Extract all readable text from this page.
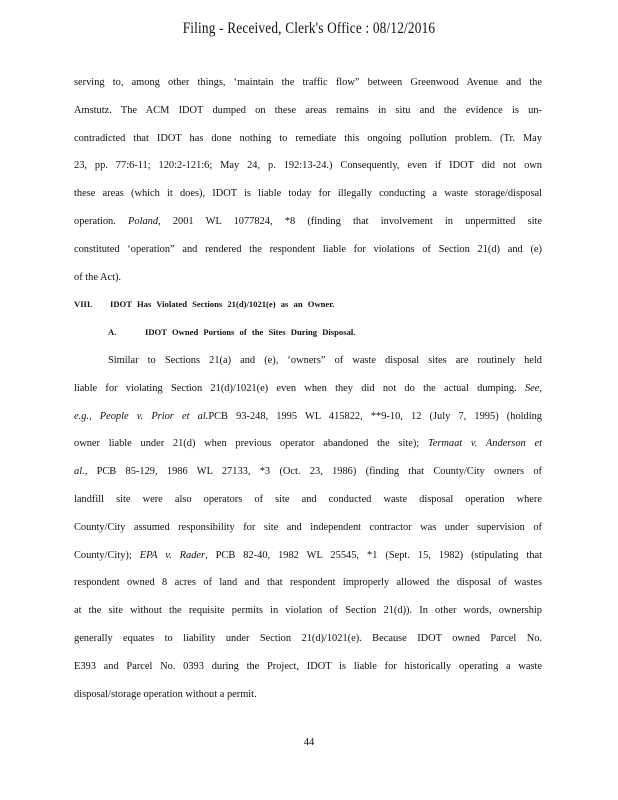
Filing - Received, Clerk's Office : 08/12/2016
serving to, among other things, ‘maintain the traffic flow” between Greenwood Avenue and the
Amstutz. The ACM IDOT dumped on these areas remains in situ and the evidence is un-
contradicted that IDOT has done nothing to remediate this ongoing pollution problem. (Tr. May
23, pp. 77:6-11; 120:2-121:6; May 24, p. 192:13-24.) Consequently, even if IDOT did not own
these areas (which it does), IDOT is liable today for illegally conducting a waste storage/disposal
operation. Poland, 2001 WL 1077824, *8 (finding that involvement in unpermitted site
constituted ‘operation” and rendered the respondent liable for violations of Section 21(d) and (e)
of the Act).
VIII. IDOT Has Violated Sections 21(d)/1021(e) as an Owner.
A.	IDOT Owned Portions of the Sites During Disposal.
Similar to Sections 21(a) and (e), ‘owners” of waste disposal sites are routinely held
liable for violating Section 21(d)/1021(e) even when they did not do the actual dumping. See,
e.g., People v. Prior et al.PCB 93-248, 1995 WL 415822, **9-10, 12 (July 7, 1995) (holding
owner liable under 21(d) when previous operator abandoned the site); Termaat v. Anderson et
al., PCB 85-129, 1986 WL 27133, *3 (Oct. 23, 1986) (finding that County/City owners of
landfill site were also operators of site and conducted waste disposal operation where
County/City assumed responsibility for site and independent contractor was under supervision of
County/City); EPA v. Rader, PCB 82-40, 1982 WL 25545, *1 (Sept. 15, 1982) (stipulating that
respondent owned 8 acres of land and that respondent improperly allowed the disposal of wastes
at the site without the requisite permits in violation of Section 21(d)). In other words, ownership
generally equates to liability under Section 21(d)/1021(e). Because IDOT owned Parcel No.
E393 and Parcel No. 0393 during the Project, IDOT is liable for historically operating a waste
disposal/storage operation without a permit.
44
